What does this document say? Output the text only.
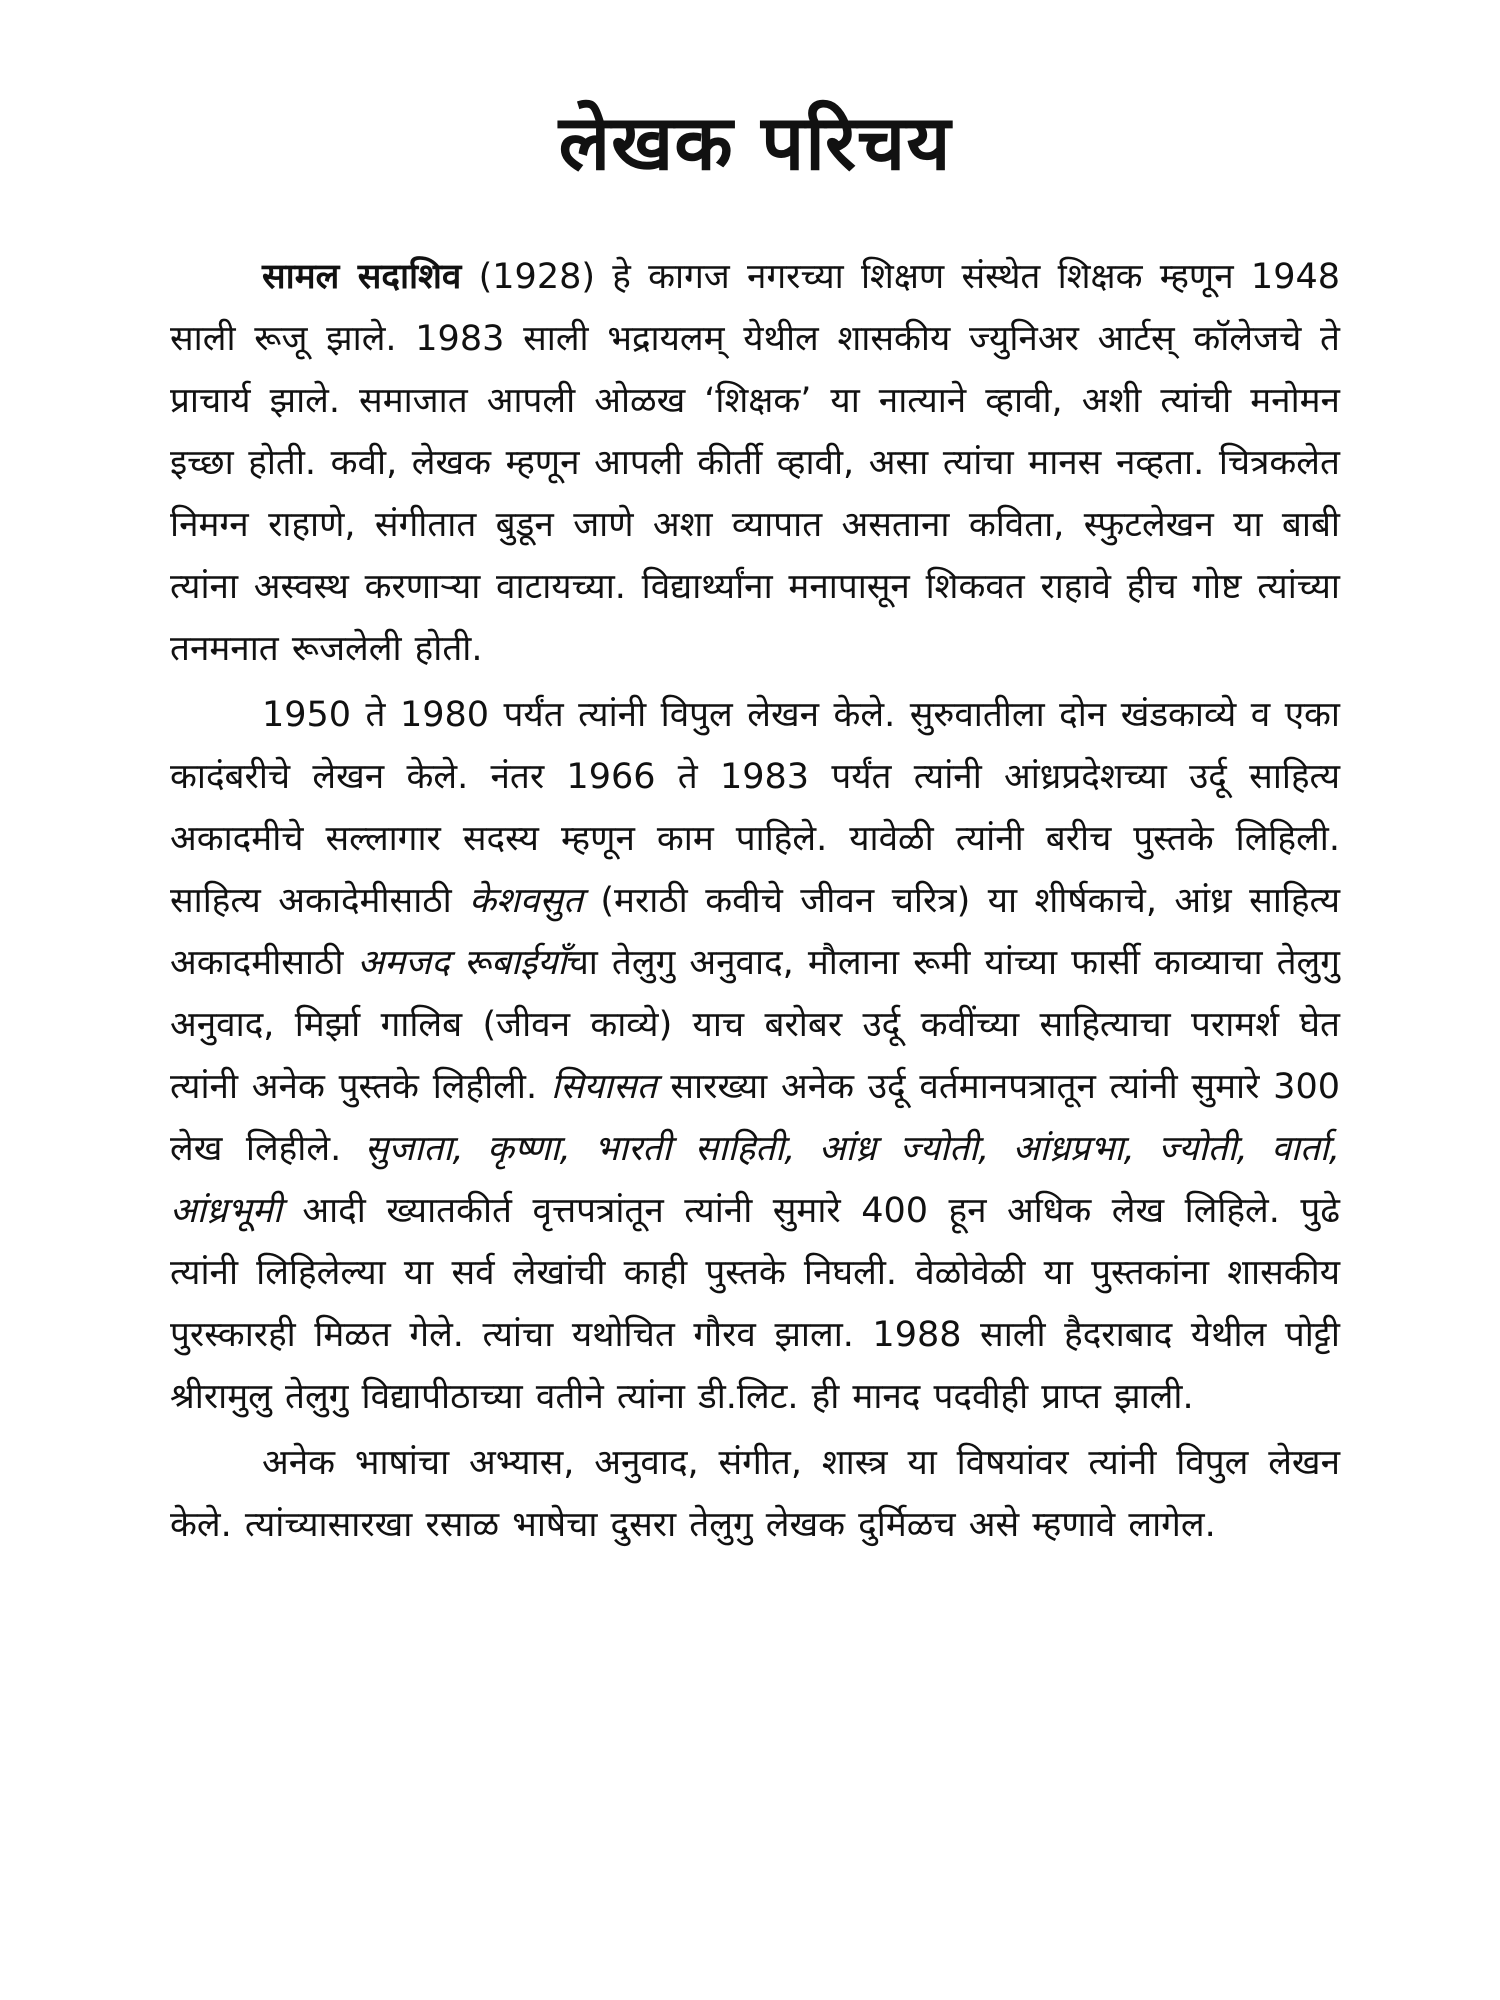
लेखक परिचय

सामल सदाशिव (1928) हे कागज नगरच्या शिक्षण संस्थेत शिक्षक म्हणून 1948 साली रूजू झाले. 1983 साली भद्रायलम् येथील शासकीय ज्युनिअर आर्टस् कॉलेजचे ते प्राचार्य झाले. समाजात आपली ओळख ‘शिक्षक’ या नात्याने व्हावी, अशी त्यांची मनोमन इच्छा होती. कवी, लेखक म्हणून आपली कीर्ती व्हावी, असा त्यांचा मानस नव्हता. चित्रकलेत निमग्न राहाणे, संगीतात बुडून जाणे अशा व्यापात असताना कविता, स्फुटलेखन या बाबी त्यांना अस्वस्थ करणाऱ्या वाटायच्या. विद्यार्थ्यांना मनापासून शिकवत राहावे हीच गोष्ट त्यांच्या तनमनात रूजलेली होती.

1950 ते 1980 पर्यंत त्यांनी विपुल लेखन केले. सुरुवातीला दोन खंडकाव्ये व एका कादंबरीचे लेखन केले. नंतर 1966 ते 1983 पर्यंत त्यांनी आंध्रप्रदेशच्या उर्दू साहित्य अकादमीचे सल्लागार सदस्य म्हणून काम पाहिले. यावेळी त्यांनी बरीच पुस्तके लिहिली. साहित्य अकादेमीसाठी केशवसुत (मराठी कवीचे जीवन चरित्र) या शीर्षकाचे, आंध्र साहित्य अकादमीसाठी अमजद रूबाईयाँचा तेलुगु अनुवाद, मौलाना रूमी यांच्या फार्सी काव्याचा तेलुगु अनुवाद, मिर्झा गालिब (जीवन काव्ये) याच बरोबर उर्दू कवींच्या साहित्याचा परामर्श घेत त्यांनी अनेक पुस्तके लिहीली. सियासत सारख्या अनेक उर्दू वर्तमानपत्रातून त्यांनी सुमारे 300 लेख लिहीले. सुजाता, कृष्णा, भारती साहिती, आंध्र ज्योती, आंध्रप्रभा, ज्योती, वार्ता, आंध्रभूमी आदी ख्यातकीर्त वृत्तपत्रांतून त्यांनी सुमारे 400 हून अधिक लेख लिहिले. पुढे त्यांनी लिहिलेल्या या सर्व लेखांची काही पुस्तके निघली. वेळोवेळी या पुस्तकांना शासकीय पुरस्कारही मिळत गेले. त्यांचा यथोचित गौरव झाला. 1988 साली हैदराबाद येथील पोट्टी श्रीरामुलु तेलुगु विद्यापीठाच्या वतीने त्यांना डी.लिट. ही मानद पदवीही प्राप्त झाली.

अनेक भाषांचा अभ्यास, अनुवाद, संगीत, शास्त्र या विषयांवर त्यांनी विपुल लेखन केले. त्यांच्यासारखा रसाळ भाषेचा दुसरा तेलुगु लेखक दुर्मिळच असे म्हणावे लागेल.
